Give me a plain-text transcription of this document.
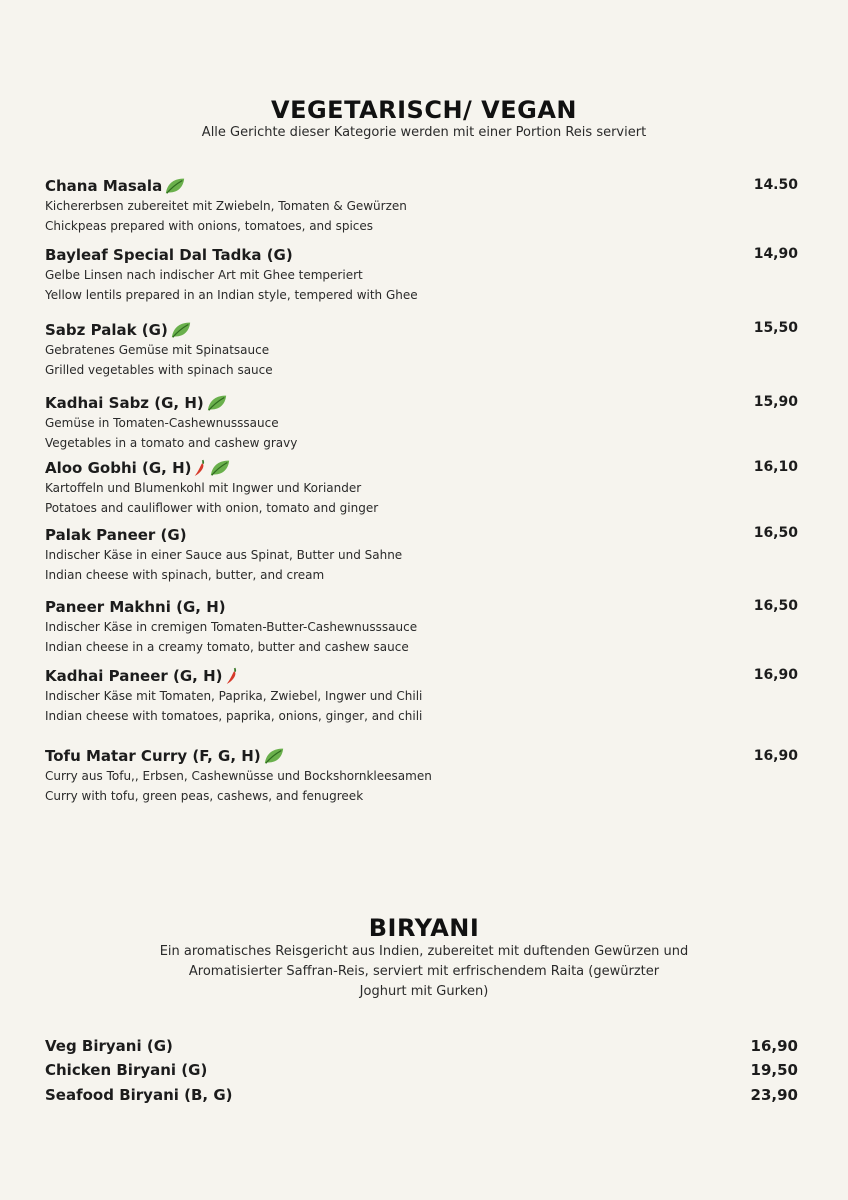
VEGETARISCH/ VEGAN
Alle Gerichte dieser Kategorie werden mit einer Portion Reis serviert
Chana Masala
Kichererbsen zubereitet mit Zwiebeln, Tomaten & Gewürzen
Chickpeas prepared with onions, tomatoes, and spices
14.50
Bayleaf Special Dal Tadka (G)
Gelbe Linsen nach indischer Art mit Ghee temperiert
Yellow lentils prepared in an Indian style, tempered with Ghee
14,90
Sabz Palak (G)
Gebratenes Gemüse mit Spinatsauce
Grilled vegetables with spinach sauce
15,50
Kadhai Sabz (G, H)
Gemüse in Tomaten-Cashewnusssauce
Vegetables in a tomato and cashew gravy
15,90
Aloo Gobhi (G, H)
Kartoffeln und Blumenkohl mit Ingwer und Koriander
Potatoes and cauliflower with onion, tomato and ginger
16,10
Palak Paneer (G)
Indischer Käse in einer Sauce aus Spinat, Butter und Sahne
Indian cheese with spinach, butter, and cream
16,50
Paneer Makhni (G, H)
Indischer Käse in cremigen Tomaten-Butter-Cashewnusssauce
Indian cheese in a creamy tomato, butter and cashew sauce
16,50
Kadhai Paneer (G, H)
Indischer Käse mit Tomaten, Paprika, Zwiebel, Ingwer und Chili
Indian cheese with tomatoes, paprika, onions, ginger, and chili
16,90
Tofu Matar Curry (F, G, H)
Curry aus Tofu,, Erbsen, Cashewnüsse und Bockshornkleesamen
Curry with tofu, green peas, cashews, and fenugreek
16,90
BIRYANI
Ein aromatisches Reisgericht aus Indien, zubereitet mit duftenden Gewürzen und
Aromatisierter Saffran-Reis, serviert mit erfrischendem Raita (gewürzter
Joghurt mit Gurken)
Veg Biryani (G)	16,90
Chicken Biryani (G)	19,50
Seafood Biryani (B, G)	23,90
